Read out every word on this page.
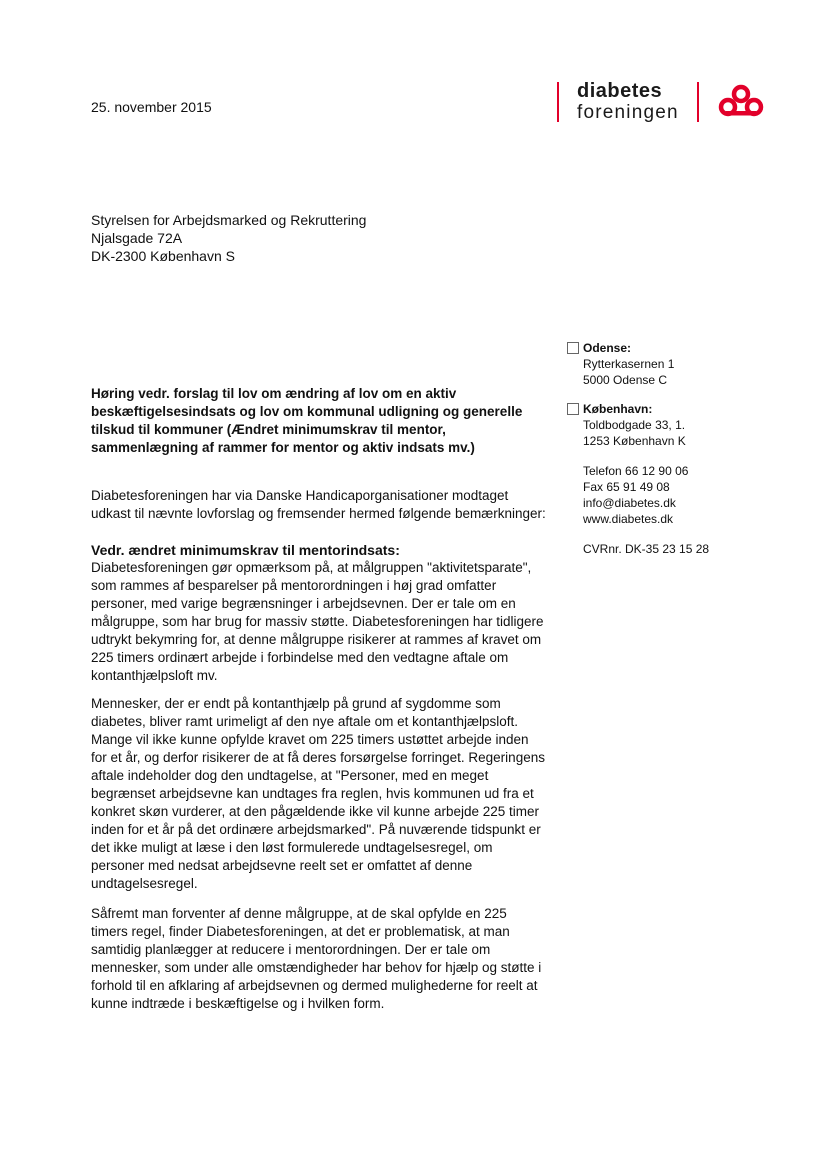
25. november 2015
diabetes
foreningen
Styrelsen for Arbejdsmarked og Rekruttering
Njalsgade 72A
DK-2300 København S
Odense:
Rytterkasernen 1
5000 Odense C
København:
Toldbodgade 33, 1.
1253 København K
Telefon 66 12 90 06
Fax 65 91 49 08
info@diabetes.dk
www.diabetes.dk
CVRnr. DK-35 23 15 28
Høring vedr. forslag til lov om ændring af lov om en aktiv beskæftigelsesindsats og lov om kommunal udligning og generelle tilskud til kommuner (Ændret minimumskrav til mentor, sammenlægning af rammer for mentor og aktiv indsats mv.)

Diabetesforeningen har via Danske Handicaporganisationer modtaget udkast til nævnte lovforslag og fremsender hermed følgende bemærkninger:

Vedr. ændret minimumskrav til mentorindsats:

Diabetesforeningen gør opmærksom på, at målgruppen "aktivitetsparate", som rammes af besparelser på mentorordningen i høj grad omfatter personer, med varige begrænsninger i arbejdsevnen. Der er tale om en målgruppe, som har brug for massiv støtte. Diabetesforeningen har tidligere udtrykt bekymring for, at denne målgruppe risikerer at rammes af kravet om 225 timers ordinært arbejde i forbindelse med den vedtagne aftale om kontanthjælpsloft mv.

Mennesker, der er endt på kontanthjælp på grund af sygdomme som diabetes, bliver ramt urimeligt af den nye aftale om et kontanthjælpsloft. Mange vil ikke kunne opfylde kravet om 225 timers ustøttet arbejde inden for et år, og derfor risikerer de at få deres forsørgelse forringet. Regeringens aftale indeholder dog den undtagelse, at "Personer, med en meget begrænset arbejdsevne kan undtages fra reglen, hvis kommunen ud fra et konkret skøn vurderer, at den pågældende ikke vil kunne arbejde 225 timer inden for et år på det ordinære arbejdsmarked". På nuværende tidspunkt er det ikke muligt at læse i den løst formulerede undtagelsesregel, om personer med nedsat arbejdsevne reelt set er omfattet af denne undtagelsesregel.

Såfremt man forventer af denne målgruppe, at de skal opfylde en 225 timers regel, finder Diabetesforeningen, at det er problematisk, at man samtidig planlægger at reducere i mentorordningen. Der er tale om mennesker, som under alle omstændigheder har behov for hjælp og støtte i forhold til en afklaring af arbejdsevnen og dermed mulighederne for reelt at kunne indtræde i beskæftigelse og i hvilken form.
